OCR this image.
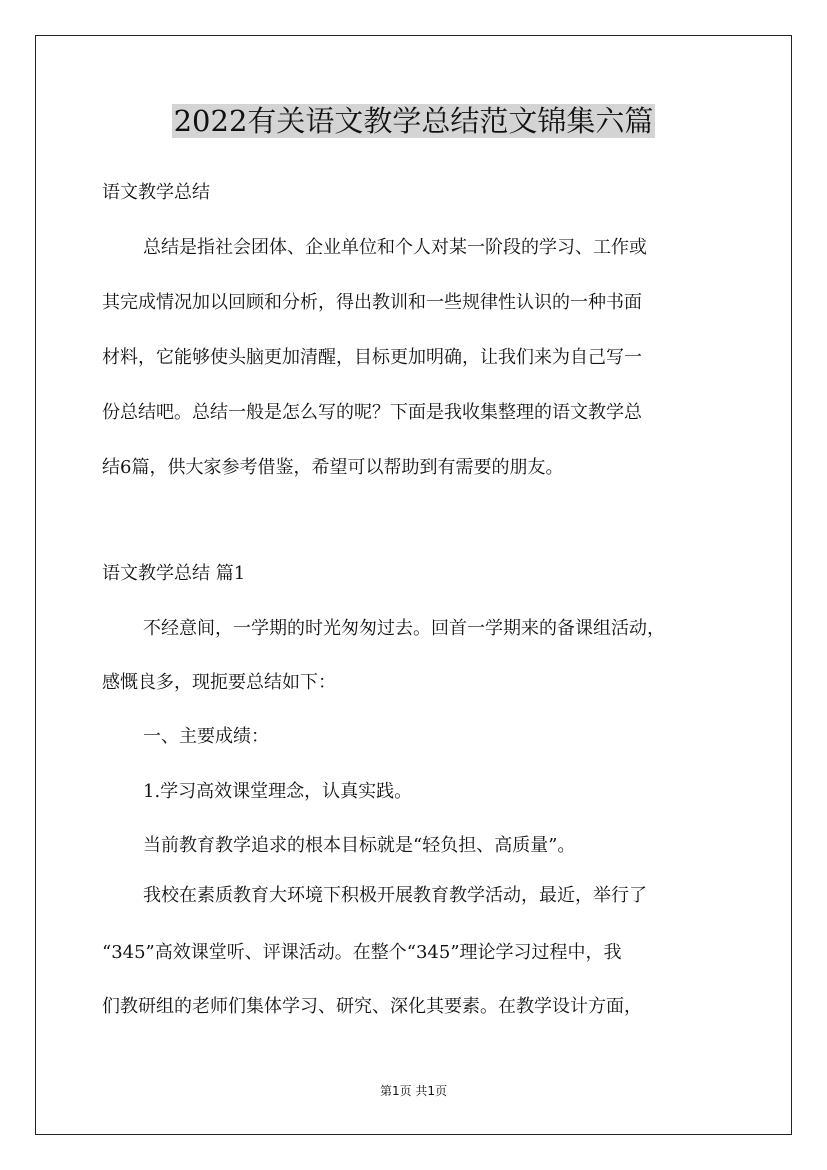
2022有关语文教学总结范文锦集六篇
语文教学总结
总结是指社会团体、企业单位和个人对某一阶段的学习、工作或
其完成情况加以回顾和分析，得出教训和一些规律性认识的一种书面
材料，它能够使头脑更加清醒，目标更加明确，让我们来为自己写一
份总结吧。总结一般是怎么写的呢？下面是我收集整理的语文教学总
结6篇，供大家参考借鉴，希望可以帮助到有需要的朋友。
语文教学总结 篇1
不经意间，一学期的时光匆匆过去。回首一学期来的备课组活动，
感慨良多，现扼要总结如下：
一、主要成绩：
1.学习高效课堂理念，认真实践。
当前教育教学追求的根本目标就是“轻负担、高质量”。
我校在素质教育大环境下积极开展教育教学活动，最近，举行了
“345”高效课堂听、评课活动。在整个“345”理论学习过程中，我
们教研组的老师们集体学习、研究、深化其要素。在教学设计方面，
第1页 共1页
